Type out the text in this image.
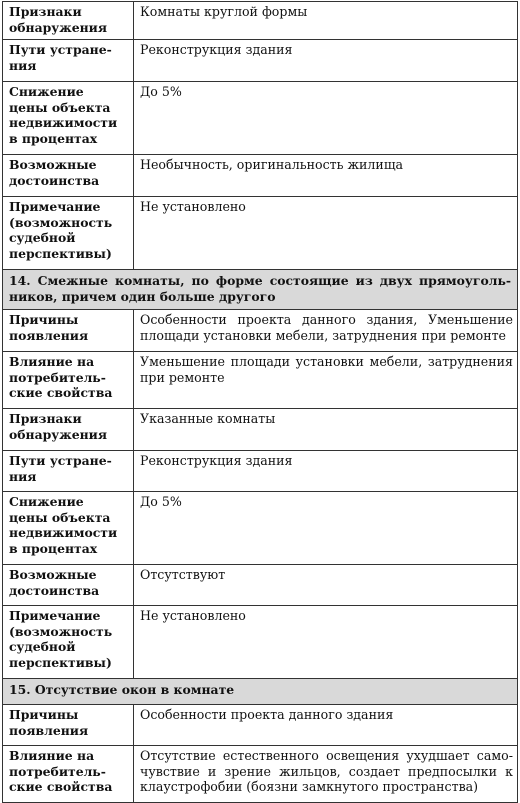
Признаки
обнаружения	Комнаты круглой формы
Пути устране-
ния	Реконструкция здания
Снижение
цены объекта
недвижимости
в процентах	До 5%
Возможные
достоинства	Необычность, оригинальность жилища
Примечание
(возможность
судебной
перспективы)	Не установлено

14. Смежные комнаты, по форме состоящие из двух прямоуголь-
ников, причем один больше другого	

Причины
появления	Особенности проекта данного здания, Уменьшение площади установки мебели, затруднения при ремонте
Влияние на
потребитель-
ские свойства	Уменьшение площади установки мебели, затруднения при ремонте
Признаки
обнаружения	Указанные комнаты
Пути устране-
ния	Реконструкция здания
Снижение
цены объекта
недвижимости
в процентах	До 5%
Возможные
достоинства	Отсутствуют
Примечание
(возможность
судебной
перспективы)	Не установлено
15. Отсутствие окон в комнате	
Причины
появления	Особенности проекта данного здания
Влияние на
потребитель-
ские свойства	Отсутствие естественного освещения ухудшает само-чувствие и зрение жильцов, создает предпосылки к клаустрофобии (боязни замкнутого пространства)
